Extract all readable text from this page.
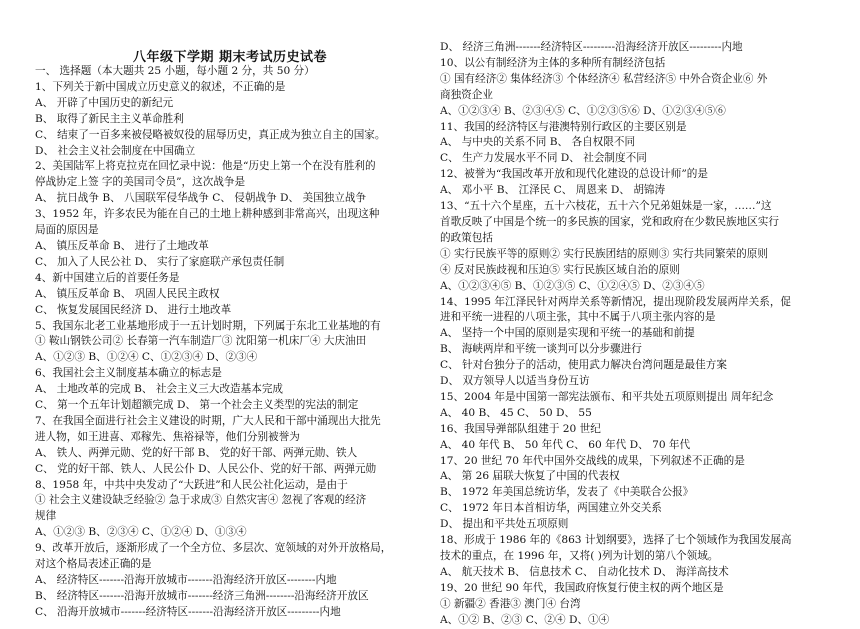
八年级下学期 期末考试历史试卷
一、 选择题（本大题共 25 小题，每小题 2 分，共 50 分）
1、下列关于新中国成立历史意义的叙述，不正确的是
A、 开辟了中国历史的新纪元
B、 取得了新民主主义革命胜利
C、 结束了一百多来被侵略被奴役的屈辱历史，真正成为独立自主的国家。
D、 社会主义社会制度在中国确立
2、美国陆军上将克拉克在回忆录中说：他是“历史上第一个在没有胜利的
停战协定上签 字的美国司令员”，这次战争是
A、 抗日战争 B、 八国联军侵华战争 C、 侵朝战争 D、 美国独立战争
3、1952 年，许多农民为能在自己的土地上耕种感到非常高兴，出现这种
局面的原因是
A、 镇压反革命 B、 进行了土地改革
C、 加入了人民公社 D、 实行了家庭联产承包责任制
4、新中国建立后的首要任务是
A、 镇压反革命 B、 巩固人民民主政权
C、 恢复发展国民经济 D、 进行土地改革
5、我国东北老工业基地形成于一五计划时期，下列属于东北工业基地的有
① 鞍山钢铁公司② 长春第一汽车制造厂③ 沈阳第一机床厂④ 大庆油田
A、①②③ B、①②④ C、①②③④ D、②③④
6、我国社会主义制度基本确立的标志是
A、 土地改革的完成 B、 社会主义三大改造基本完成
C、 第一个五年计划超额完成 D、 第一个社会主义类型的宪法的制定
7、在我国全面进行社会主义建设的时期，广大人民和干部中涌现出大批先
进人物，如王进喜、邓稼先、焦裕禄等，他们分别被誉为
A、 铁人、两弹元勋、党的好干部 B、 党的好干部、两弹元勋、铁人
C、 党的好干部、铁人、人民公仆 D、人民公仆、党的好干部、两弹元勋
8、1958 年，中共中央发动了“大跃进”和人民公社化运动，是由于
① 社会主义建设缺乏经验② 急于求成③ 自然灾害④ 忽视了客观的经济
规律
A、①②③ B、②③④ C、①②④ D、①③④
9、改革开放后，逐渐形成了一个全方位、多层次、宽领域的对外开放格局，
对这个格局表述正确的是
A、 经济特区-------沿海开放城市-------沿海经济开放区--------内地
B、 经济特区-------沿海开放城市-------经济三角洲--------沿海经济开放区
C、 沿海开放城市-------经济特区-------沿海经济开放区---------内地
D、 经济三角洲-------经济特区---------沿海经济开放区---------内地
10、以公有制经济为主体的多种所有制经济包括
① 国有经济② 集体经济③ 个体经济④ 私营经济⑤ 中外合资企业⑥ 外
商独资企业
A、①②③④ B、②③④⑤ C、①②③⑤⑥ D、①②③④⑤⑥
11、我国的经济特区与港澳特别行政区的主要区别是
A、 与中央的关系不同 B、 各自权限不同
C、 生产力发展水平不同 D、 社会制度不同
12、被誉为“我国改革开放和现代化建设的总设计师”的是
A、 邓小平 B、 江泽民 C、 周恩来 D、 胡锦涛
13、“五十六个星座，五十六枝花，五十六个兄弟姐妹是一家，……”这
首歌反映了中国是个统一的多民族的国家，党和政府在少数民族地区实行
的政策包括
① 实行民族平等的原则② 实行民族团结的原则③ 实行共同繁荣的原则
④ 反对民族歧视和压迫⑤ 实行民族区域自治的原则
A、①②③④⑤ B、①②③⑤ C、①②④⑤ D、②③④⑤
14、1995 年江泽民针对两岸关系等新情况，提出现阶段发展两岸关系，促
进和平统一进程的八项主张，其中不属于八项主张内容的是
A、 坚持一个中国的原则是实现和平统一的基础和前提
B、 海峡两岸和平统一谈判可以分步骤进行
C、 针对台独分子的活动，使用武力解决台湾问题是最佳方案
D、 双方领导人以适当身份互访
15、2004 年是中国第一部宪法颁布、和平共处五项原则提出 周年纪念
A、 40 B、 45 C、 50 D、 55
16、我国导弹部队组建于 20 世纪
A、 40 年代 B、 50 年代 C、 60 年代 D、 70 年代
17、20 世纪 70 年代中国外交战线的成果，下列叙述不正确的是
A、 第 26 届联大恢复了中国的代表权
B、 1972 年美国总统访华，发表了《中美联合公报》
C、 1972 年日本首相访华，两国建立外交关系
D、 提出和平共处五项原则
18、形成于 1986 年的《863 计划纲要》，选择了七个领域作为我国发展高
技术的重点，在 1996 年，又将( )列为计划的第八个领域。
A、 航天技术 B、 信息技术 C、 自动化技术 D、 海洋高技术
19、20 世纪 90 年代，我国政府恢复行使主权的两个地区是
① 新疆② 香港③ 澳门④ 台湾
A、①② B、②③ C、②④ D、①④
